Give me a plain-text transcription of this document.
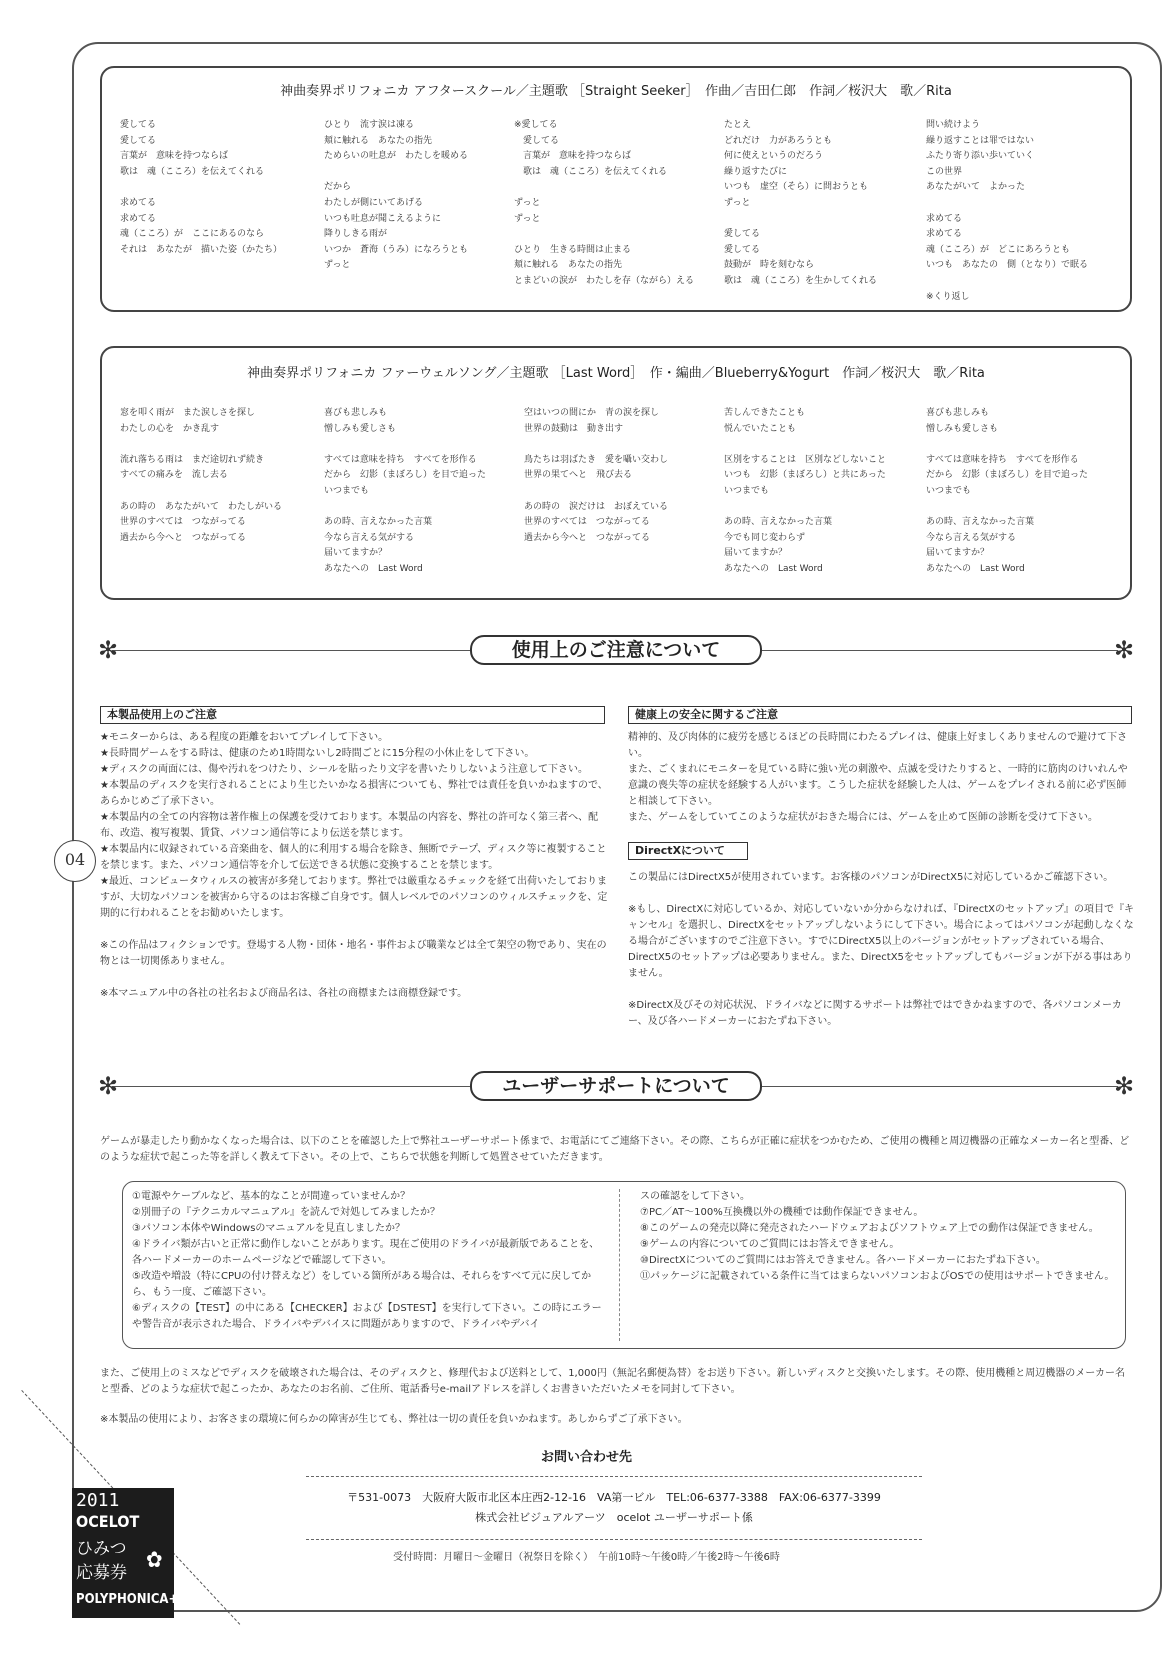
神曲奏界ポリフォニカ アフタースクール／主題歌 ［Straight Seeker］　作曲／吉田仁郎　作詞／桜沢大　歌／Rita
愛してる
愛してる
言葉が　意味を持つならば
歌は　魂（こころ）を伝えてくれる

求めてる
求めてる
魂（こころ）が　ここにあるのなら
それは　あなたが　描いた姿（かたち）
ひとり　流す涙は凍る
頬に触れる　あなたの指先
ためらいの吐息が　わたしを暖める

だから
わたしが側にいてあげる
いつも吐息が聞こえるように
降りしきる雨が
いつか　蒼海（うみ）になろうとも
ずっと
※愛してる
　愛してる
　言葉が　意味を持つならば
　歌は　魂（こころ）を伝えてくれる

ずっと
ずっと

ひとり　生きる時間は止まる
頬に触れる　あなたの指先
とまどいの涙が　わたしを存（ながら）える
たとえ
どれだけ　力があろうとも
何に使えというのだろう
繰り返すたびに
いつも　虚空（そら）に問おうとも
ずっと

愛してる
愛してる
鼓動が　時を刻むなら
歌は　魂（こころ）を生かしてくれる
問い続けよう
繰り返すことは罪ではない
ふたり寄り添い歩いていく
この世界
あなたがいて　よかった

求めてる
求めてる
魂（こころ）が　どこにあろうとも
いつも　あなたの　側（となり）で眠る

※くり返し
神曲奏界ポリフォニカ ファーウェルソング／主題歌 ［Last Word］　作・編曲／Blueberry&Yogurt　作詞／桜沢大　歌／Rita
窓を叩く雨が　また涙しさを探し
わたしの心を　かき乱す

流れ落ちる雨は　まだ途切れず続き
すべての痛みを　流し去る

あの時の　あなたがいて　わたしがいる
世界のすべては　つながってる
過去から今へと　つながってる
喜びも悲しみも
憎しみも愛しさも

すべては意味を持ち　すべてを形作る
だから　幻影（まぼろし）を目で追った
いつまでも

あの時、言えなかった言葉
今なら言える気がする
届いてますか？
あなたへの　Last Word
空はいつの間にか　青の涙を探し
世界の鼓動は　動き出す

鳥たちは羽ばたき　愛を囁い交わし
世界の果てへと　飛び去る

あの時の　涙だけは　おぼえている
世界のすべては　つながってる
過去から今へと　つながってる
苦しんできたことも
悦んでいたことも

区別をすることは　区別などしないこと
いつも　幻影（まぼろし）と共にあった
いつまでも

あの時、言えなかった言葉
今でも同じ変わらず
届いてますか？
あなたへの　Last Word
喜びも悲しみも
憎しみも愛しさも

すべては意味を持ち　すべてを形作る
だから　幻影（まぼろし）を目で追った
いつまでも

あの時、言えなかった言葉
今なら言える気がする
届いてますか？
あなたへの　Last Word
✻	✻
使用上のご注意について
本製品使用上のご注意

★モニターからは、ある程度の距離をおいてプレイして下さい。

★長時間ゲームをする時は、健康のため1時間ないし2時間ごとに15分程の小休止をして下さい。

★ディスクの両面には、傷や汚れをつけたり、シールを貼ったり文字を書いたりしないよう注意して下さい。

★本製品のディスクを実行されることにより生じたいかなる損害についても、弊社では責任を負いかねますので、あらかじめご了承下さい。

★本製品内の全ての内容物は著作権上の保護を受けております。本製品の内容を、弊社の許可なく第三者へ、配布、改造、複写複製、賃貸、パソコン通信等により伝送を禁じます。

★本製品内に収録されている音楽曲を、個人的に利用する場合を除き、無断でテープ、ディスク等に複製することを禁じます。また、パソコン通信等を介して伝送できる状態に変換することを禁じます。

★最近、コンピュータウィルスの被害が多発しております。弊社では厳重なるチェックを経て出荷いたしておりますが、大切なパソコンを被害から守るのはお客様ご自身です。個人レベルでのパソコンのウィルスチェックを、定期的に行われることをお勧めいたします。

※この作品はフィクションです。登場する人物・団体・地名・事件および職業などは全て架空の物であり、実在の物とは一切関係ありません。

※本マニュアル中の各社の社名および商品名は、各社の商標または商標登録です。

健康上の安全に関するご注意

精神的、及び肉体的に疲労を感じるほどの長時間にわたるプレイは、健康上好ましくありませんので避けて下さい。

また、ごくまれにモニターを見ている時に強い光の刺激や、点滅を受けたりすると、一時的に筋肉のけいれんや意識の喪失等の症状を経験する人がいます。こうした症状を経験した人は、ゲームをプレイされる前に必ず医師と相談して下さい。

また、ゲームをしていてこのような症状がおきた場合には、ゲームを止めて医師の診断を受けて下さい。

DirectXについて

この製品にはDirectX5が使用されています。お客様のパソコンがDirectX5に対応しているかご確認下さい。

※もし、DirectXに対応しているか、対応していないか分からなければ、『DirectXのセットアップ』の項目で『キャンセル』を選択し、DirectXをセットアップしないようにして下さい。場合によってはパソコンが起動しなくなる場合がございますのでご注意下さい。すでにDirectX5以上のバージョンがセットアップされている場合、DirectX5のセットアップは必要ありません。また、DirectX5をセットアップしてもバージョンが下がる事はありません。

※DirectX及びその対応状況、ドライバなどに関するサポートは弊社ではできかねますので、各パソコンメーカー、及び各ハードメーカーにおたずね下さい。

04
✻	✻
ユーザーサポートについて
ゲームが暴走したり動かなくなった場合は、以下のことを確認した上で弊社ユーザーサポート係まで、お電話にてご連絡下さい。その際、こちらが正確に症状をつかむため、ご使用の機種と周辺機器の正確なメーカー名と型番、どのような症状で起こった等を詳しく教えて下さい。その上で、こちらで状態を判断して処置させていただきます。

①電源やケーブルなど、基本的なことが間違っていませんか？

②別冊子の『テクニカルマニュアル』を読んで対処してみましたか？

③パソコン本体やWindowsのマニュアルを見直しましたか？

④ドライバ類が古いと正常に動作しないことがあります。現在ご使用のドライバが最新版であることを、各ハードメーカーのホームページなどで確認して下さい。

⑤改造や増設（特にCPUの付け替えなど）をしている箇所がある場合は、それらをすべて元に戻してから、もう一度、ご確認下さい。

⑥ディスクの【TEST】の中にある【CHECKER】および【DSTEST】を実行して下さい。この時にエラーや警告音が表示された場合、ドライバやデバイスに問題がありますので、ドライバやデバイ

スの確認をして下さい。

⑦PC／AT～100%互換機以外の機種では動作保証できません。

⑧このゲームの発売以降に発売されたハードウェアおよびソフトウェア上での動作は保証できません。

⑨ゲームの内容についてのご質問にはお答えできません。

⑩DirectXについてのご質問にはお答えできません。各ハードメーカーにおたずね下さい。

⑪パッケージに記載されている条件に当てはまらないパソコンおよびOSでの使用はサポートできません。

また、ご使用上のミスなどでディスクを破壊された場合は、そのディスクと、修理代および送料として、1,000円（無記名郵便為替）をお送り下さい。新しいディスクと交換いたします。その際、使用機種と周辺機器のメーカー名と型番、どのような症状で起こったか、あなたのお名前、ご住所、電話番号e-mailアドレスを詳しくお書きいただいたメモを同封して下さい。
※本製品の使用により、お客さまの環境に何らかの障害が生じても、弊社は一切の責任を負いかねます。あしからずご了承下さい。
お問い合わせ先
〒531-0073　大阪府大阪市北区本庄西2-12-16　VA第一ビル　TEL:06-6377-3388　FAX:06-6377-3399
株式会社ビジュアルアーツ　ocelot ユーザーサポート係
受付時間：月曜日～金曜日（祝祭日を除く）　午前10時～午後0時／午後2時～午後6時
2011
OCELOT
ひみつ
応募券 ✿
POLYPHONICA+
